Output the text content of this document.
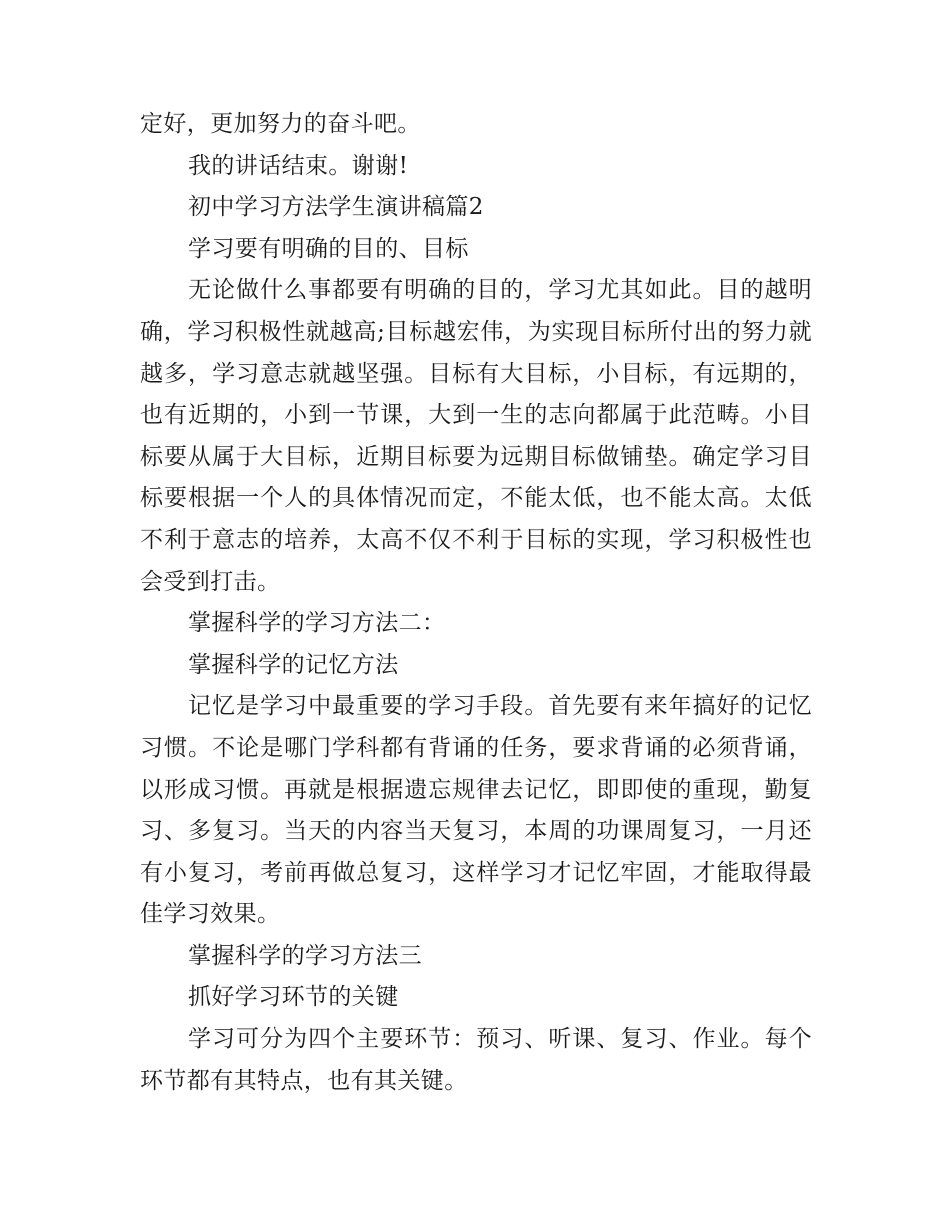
定好，更加努力的奋斗吧。

我的讲话结束。谢谢!

初中学习方法学生演讲稿篇2

学习要有明确的目的、目标

无论做什么事都要有明确的目的，学习尤其如此。目的越明确，学习积极性就越高;目标越宏伟，为实现目标所付出的努力就越多，学习意志就越坚强。目标有大目标，小目标，有远期的，也有近期的，小到一节课，大到一生的志向都属于此范畴。小目标要从属于大目标，近期目标要为远期目标做铺垫。确定学习目标要根据一个人的具体情况而定，不能太低，也不能太高。太低不利于意志的培养，太高不仅不利于目标的实现，学习积极性也会受到打击。

掌握科学的学习方法二：

掌握科学的记忆方法

记忆是学习中最重要的学习手段。首先要有来年搞好的记忆习惯。不论是哪门学科都有背诵的任务，要求背诵的必须背诵，以形成习惯。再就是根据遗忘规律去记忆，即即使的重现，勤复习、多复习。当天的内容当天复习，本周的功课周复习，一月还有小复习，考前再做总复习，这样学习才记忆牢固，才能取得最佳学习效果。

掌握科学的学习方法三

抓好学习环节的关键

学习可分为四个主要环节：预习、听课、复习、作业。每个环节都有其特点，也有其关键。
